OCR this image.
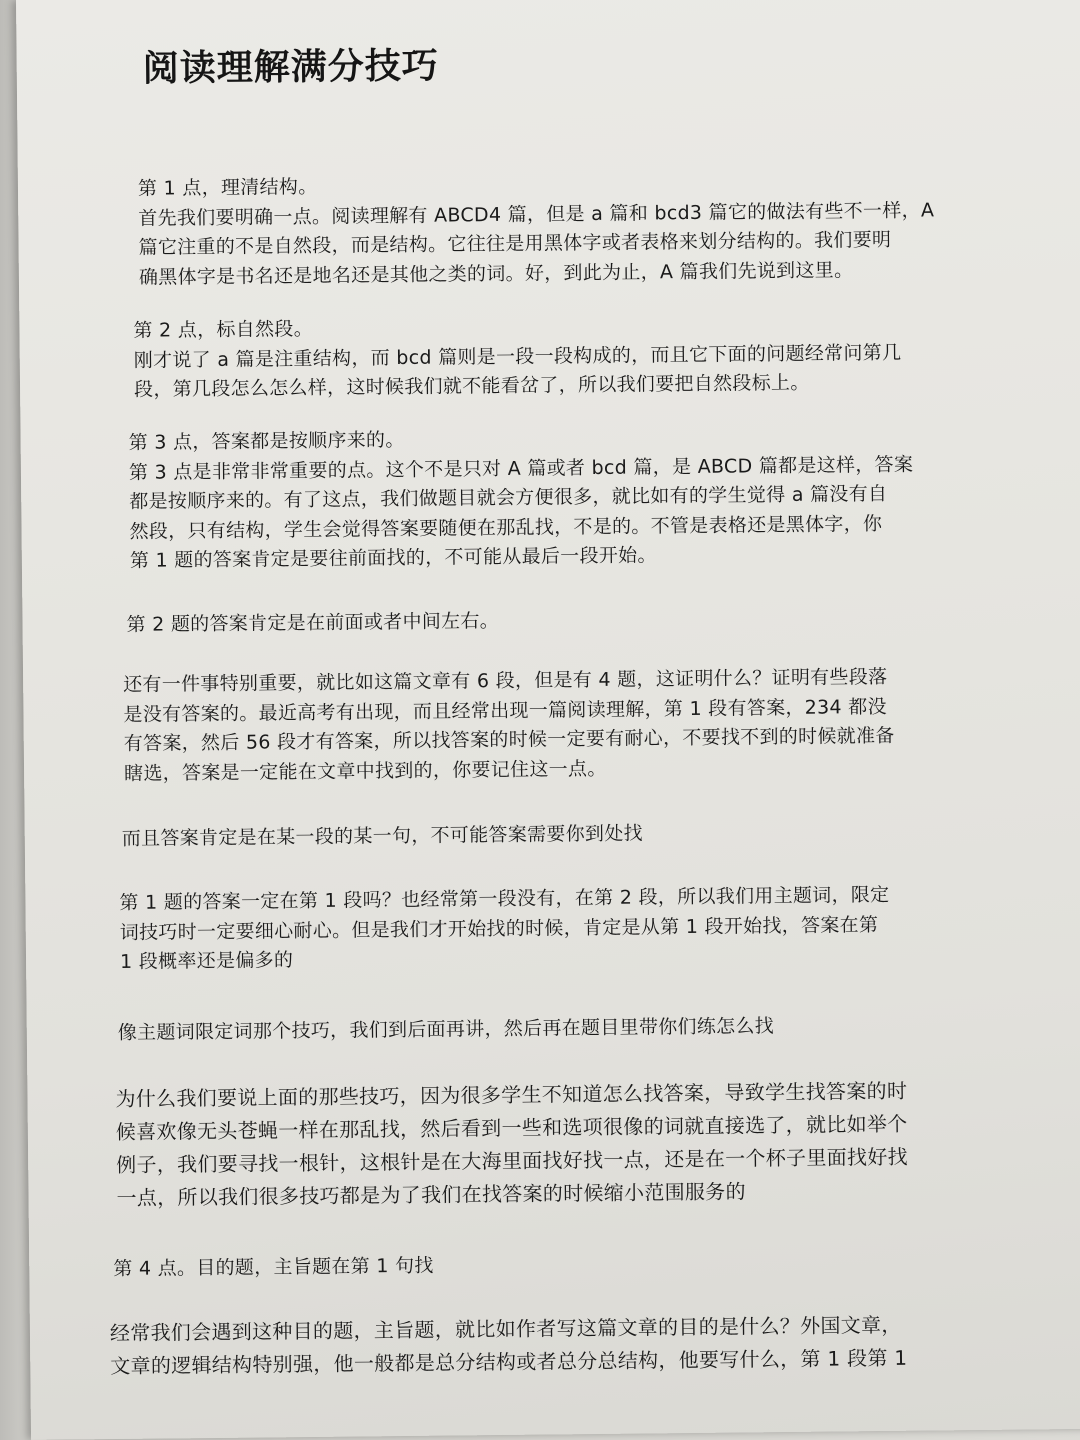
阅读理解满分技巧
第 1 点，理清结构。
首先我们要明确一点。阅读理解有 ABCD4 篇，但是 a 篇和 bcd3 篇它的做法有些不一样，A
篇它注重的不是自然段，而是结构。它往往是用黑体字或者表格来划分结构的。我们要明
确黑体字是书名还是地名还是其他之类的词。好，到此为止，A 篇我们先说到这里。
第 2 点，标自然段。
刚才说了 a 篇是注重结构，而 bcd 篇则是一段一段构成的，而且它下面的问题经常问第几
段，第几段怎么怎么样，这时候我们就不能看岔了，所以我们要把自然段标上。
第 3 点，答案都是按顺序来的。
第 3 点是非常非常重要的点。这个不是只对 A 篇或者 bcd 篇，是 ABCD 篇都是这样，答案
都是按顺序来的。有了这点，我们做题目就会方便很多，就比如有的学生觉得 a 篇没有自
然段，只有结构，学生会觉得答案要随便在那乱找，不是的。不管是表格还是黑体字，你
第 1 题的答案肯定是要往前面找的，不可能从最后一段开始。
第 2 题的答案肯定是在前面或者中间左右。
还有一件事特别重要，就比如这篇文章有 6 段，但是有 4 题，这证明什么？证明有些段落
是没有答案的。最近高考有出现，而且经常出现一篇阅读理解，第 1 段有答案，234 都没
有答案，然后 56 段才有答案，所以找答案的时候一定要有耐心，不要找不到的时候就准备
瞎选，答案是一定能在文章中找到的，你要记住这一点。
而且答案肯定是在某一段的某一句，不可能答案需要你到处找
第 1 题的答案一定在第 1 段吗？也经常第一段没有，在第 2 段，所以我们用主题词，限定
词技巧时一定要细心耐心。但是我们才开始找的时候，肯定是从第 1 段开始找，答案在第
1 段概率还是偏多的
像主题词限定词那个技巧，我们到后面再讲，然后再在题目里带你们练怎么找
为什么我们要说上面的那些技巧，因为很多学生不知道怎么找答案，导致学生找答案的时
候喜欢像无头苍蝇一样在那乱找，然后看到一些和选项很像的词就直接选了，就比如举个
例子，我们要寻找一根针，这根针是在大海里面找好找一点，还是在一个杯子里面找好找
一点，所以我们很多技巧都是为了我们在找答案的时候缩小范围服务的
第 4 点。目的题，主旨题在第 1 句找
经常我们会遇到这种目的题，主旨题，就比如作者写这篇文章的目的是什么？外国文章，
文章的逻辑结构特别强，他一般都是总分结构或者总分总结构，他要写什么，第 1 段第 1
